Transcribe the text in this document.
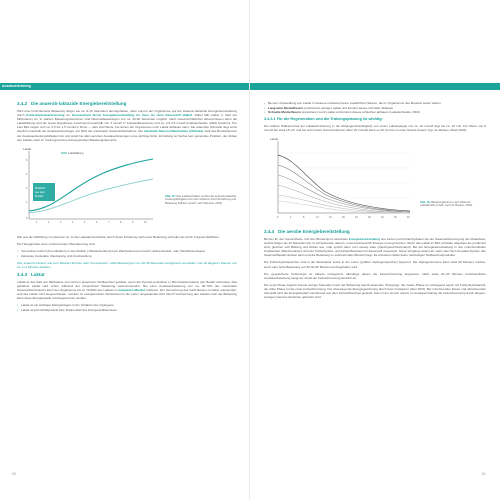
Ausdauertraining
3.4.2 Die anaerob-laktazide Energiebereitstellung

Wird eine hochintensive Belastung länger als ca. 8-10 Sekunden durchgehalten, dann kommt der Organismus auf die anaerob-laktazide Energiebereitstellung durch Kohlenhydratverbrennung an. Kennzeichen dieser Energiebereitstellung ist, dass sie ohne Sauerstoff abläuft. Dabei fällt Laktat (= Salz der Milchsäure) an. In starken Belastungsbereichen sind Maximalbelastungen von ca. 40-60 Sekunden möglich. Nach wissenschaftlichen Erkenntnissen kann die Laktatbildung sind die ersten Ergebnisse zunehmend unterhalb von 4 mmol/l (= Kreislaufkennwerte) und ca. 2,0-4,5 mmol/l (Laktatschwelle, 2004) bestimmt. Pro Liter Blut zeigen sich ca. 0,5 bis 1,5 mmol/l in Ruhe — dies sind Werte, bei denen der Organismus noch Laktat abbauen kann. Die anaerobe Schwelle liegt somit deutlich unterhalb der Ausdauerleistungen von 60% der maximalen Sauerstoffaufnahme. Die maximale Sauerstoffaufnahme (VO2max) stellt das Bruttokriterium der Ausdauerleistungsfähigkeit dar und spielt bei allen aeroben Ausdauerleistungen eine wichtige Rolle. Ermüdung ist hierbei kein generelles Problem, der Abbau des Laktats steht im Vordergrund des leistungsnahen Belastungsbereichs.

Laktat
6
4
2
1
0
1	2	3	4	5	6	7	8	9	10
Laktatbildung
Rückfuhr
aus dem
Muskel	Abb. 15: Das Laktatverhalten ist über die anaerob-laktazide Leistungsfähigkeit und unter anderem durch Ernährung und Belastung definiert (modif. nach Weineck, 2004).

Wie aus der Abbildung zu erkennen ist, ist die Laktatkonzentration durch deren Erhöhung nach einer Belastung schneller als durch Frequenzfall/Ruhe.

Die Hauptgründe einer zunehmenden Übersäuerung sind:

• Vermehrtes Gehirn (Koordination) in den fibrillen (=Muskelverbund) kein Wachstumsrest erreicht, Aktive-Muskel- oder Schilddrüsenwerte
• Zeitweise muskuläre Überlastung und Anschwellung

Wer anaerob trainiert, wie zum Beispiel Sprinter oder Tennisspieler, sollte Belastungen von 20–50 Sekunden weitgehend vermeiden und mit längeren Pausen von ca. 1–2 Minuten arbeiten.

3.4.3 Laktat

Laktat ist das Salz der Milchsäure und wird im anaeroben Stoffwechsel gebildet, wenn die Pyruvat-produktion (= Brenztraubensäure) den Bedarf übersteigt. Das gebildete Laktat wird schon während der körperlichen Belastung weiterverwendet. Bei einer Ausdauerbelastung von ca. 40-70% des maximalen Sauerstoffverbrauchs kann der Organismus bis zu 70-80% des Laktats im belasteten Muskel oxidieren. Der Vermehrung des Gehirnkortex ist dabei unterworfen, weil das Laktat nicht ausgeschieden, sondern zu energiereichen Substanzen in der Leber umgewandelt wird. Durch Verbrennung des Laktats nach der Belastung kann diese Energiequelle zurückgewonnen werden.

• Laktat ist ein wichtiger Energieträger/-in der Vorläufer des Glykogens
• Laktat ist kein Abfallprodukt bzw. Endprodukt des Energiestoffwechsels
60
• Bei der Umwandlung von Laktat in Glukose entstehen keine zusätzlichen Säuren, die im Organismus des Muskels weiter wirken
• Langsame Muskelfasern produzieren weniger Laktat und können dieses schneller abbauen
• Schnelle Muskelfasern produzieren mehr Laktat und können dieses schlechter abbauen (Laktatschwelle, 2004)
3.4.3.1 Für die Regeneration und die Trainingsplanung ist wichtig:

Die mittlere Halbwertszeit der Laktateliminierung (= die Abbaugeschwindigkeit) von einem Laktatspiegel von ca. 10 mmol/l liegt bei ca. 15 min. Für Werte von 8 mmol/l bei etwa 15 min und bei sehr hohen Konzentrationen (über 20 mmol/l) kann es 30 min bis zu einer Stunde dauern (vgl. de Marées, Mack 2002).

Laktat
0	4	8	12	16	20	24	28	32	36	40
Abb. 16: Belastungskurven nach Weineck; Laktatkinetik (modif. nach de Marées, 2002)
3.4.4 Die aerobe Energiebereitstellung

Bei der für den Gesundheits- und den Breitensport relevanten Energiebereitstellung aus Fetten und Kohlenhydraten bei der Sauerstoffversorgung der Muskulatur, welche länger als 10 Sekunden bis zu 20 Sekunden dauern, muss kontinuierlich Energie erzeugt werden. Wenn das Laktat im Blut schneller abgebaut als produziert wird, gleichen sich Bildung und Abbau aus, man spricht dann vom steady state (Gleichgewichtszustand). Bei der Energiebereitstellung in den mitochondrialen Kraftwerken (Mitochondrien) wird der Kohlenhydrat- und Fettstoffwechsel mit Sauerstoff umgesetzt. Diese Vorgänge laufen ab, wenn das Herz-Kreislauf-System den Sauerstoffbedarf decken kann und die Belastung im submaximalen Bereich liegt. Es entstehen dabei keine nachteiligen Stoffwechselprodukte.

Die Kohlenhydratspeicher sind in der Muskulatur sowie in der Leber (größter Glykogenspeicher) begrenzt. Die Glykogenreserve kann etwa 90 Minuten reichen, wenn eine hohe Belastung von 60 bis 80 Minuten durchgehalten wird.

Die gespeicherte Fettenergie ist nahezu unbegrenzt, allerdings dauert die Fettverbrennung langsamer. Nach etwa 20–30 Minuten kontinuierlicher Ausdauerbelastung steigt der Anteil der Fettverbrennung deutlich an.

Die erste Phase beginnt bereits wenige Sekunden nach der Belastung (aerob-anaerobe Übergang), die zweite Phase ist vorwiegend aerob mit Kohlenhydratanteil, die dritte Phase ist die reine Fettverbrennung, hier überwiegt die Energiegewinnung durch freie Fettsäuren (über 50%). Bei zunehmender Dauer und abnehmender Intensität wird der Energiebedarf zunehmend aus dem Fettstoffwechsel gedeckt. Das ist der Grund, warum im Ausdauertraining die Fettverbrennung durch längere, weniger intensive Einheiten gefördert wird.

61
